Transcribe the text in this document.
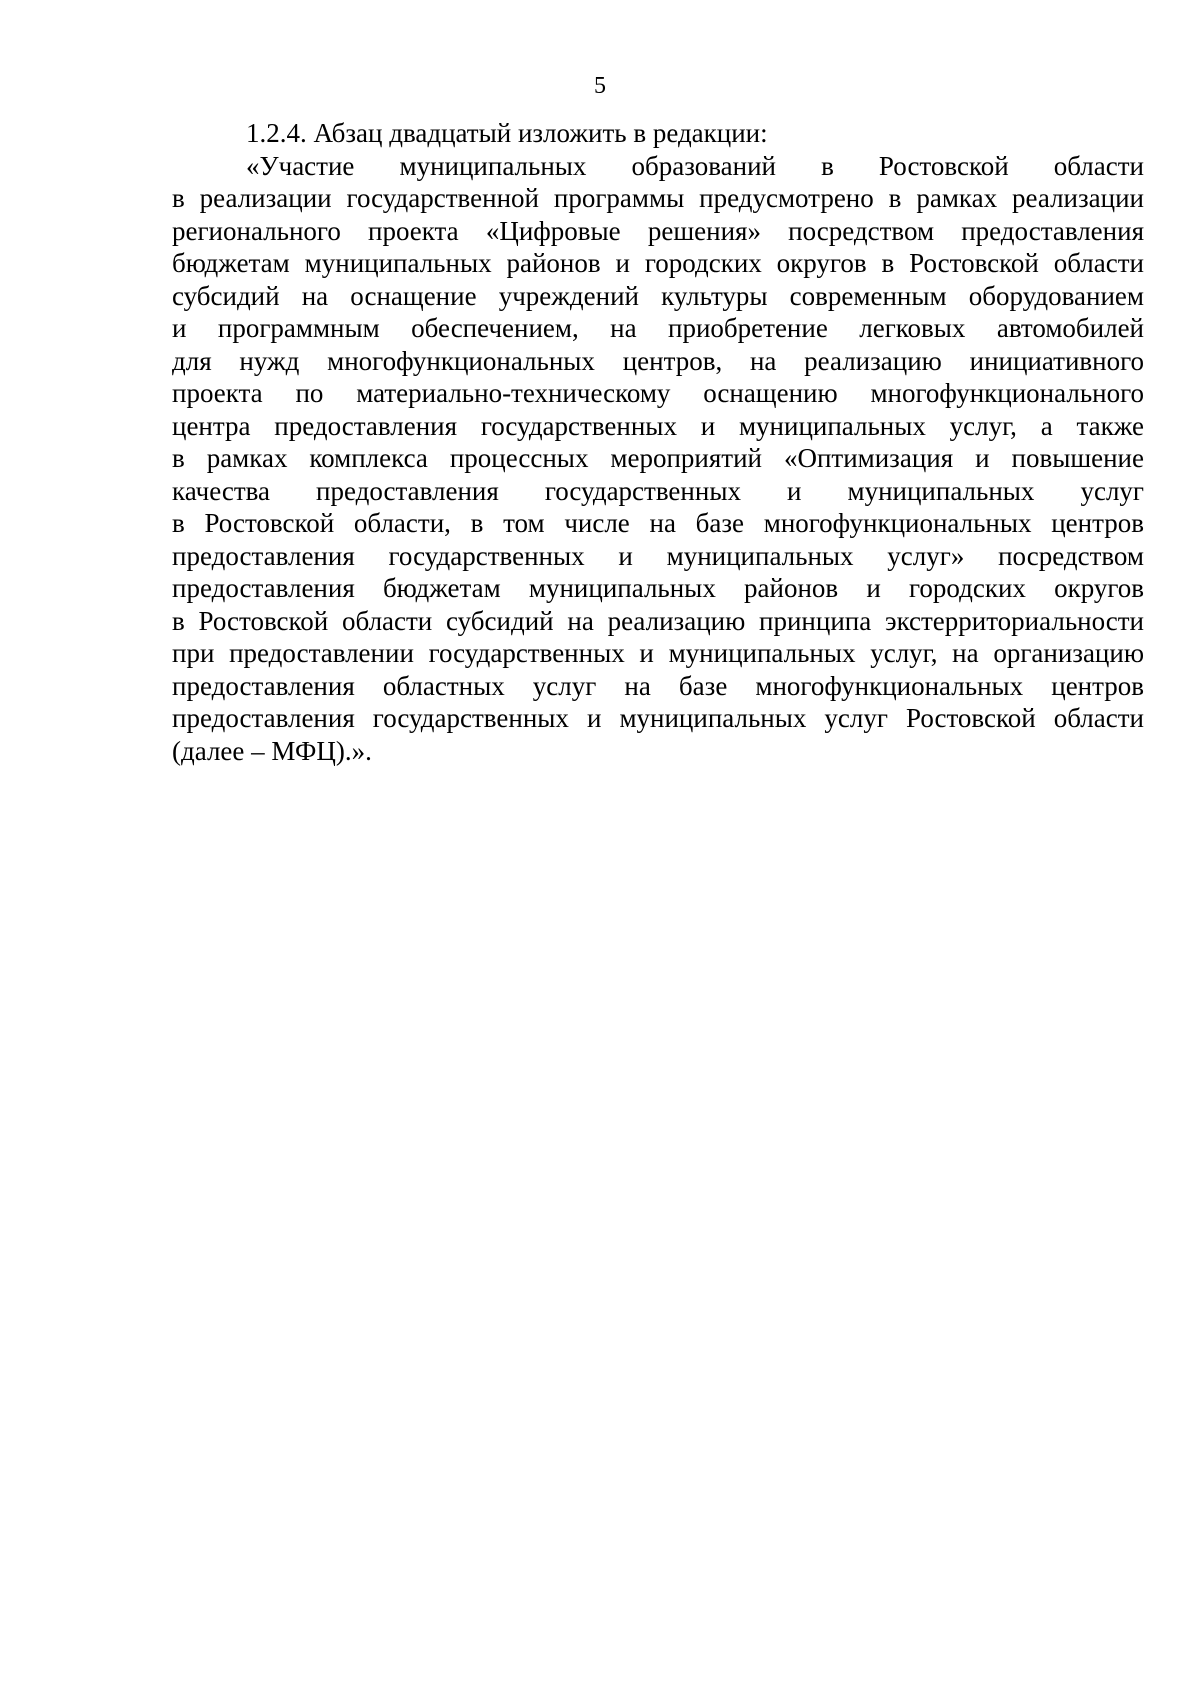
5

1.2.4. Абзац двадцатый изложить в редакции:

«Участие муниципальных образований в Ростовской области
в реализации государственной программы предусмотрено в рамках реализации
регионального проекта «Цифровые решения» посредством предоставления
бюджетам муниципальных районов и городских округов в Ростовской области
субсидий на оснащение учреждений культуры современным оборудованием
и программным обеспечением, на приобретение легковых автомобилей
для нужд многофункциональных центров, на реализацию инициативного
проекта по материально-техническому оснащению многофункционального
центра предоставления государственных и муниципальных услуг, а также
в рамках комплекса процессных мероприятий «Оптимизация и повышение
качества предоставления государственных и муниципальных услуг
в Ростовской области, в том числе на базе многофункциональных центров
предоставления государственных и муниципальных услуг» посредством
предоставления бюджетам муниципальных районов и городских округов
в Ростовской области субсидий на реализацию принципа экстерриториальности
при предоставлении государственных и муниципальных услуг, на организацию
предоставления областных услуг на базе многофункциональных центров
предоставления государственных и муниципальных услуг Ростовской области
(далее – МФЦ).».
